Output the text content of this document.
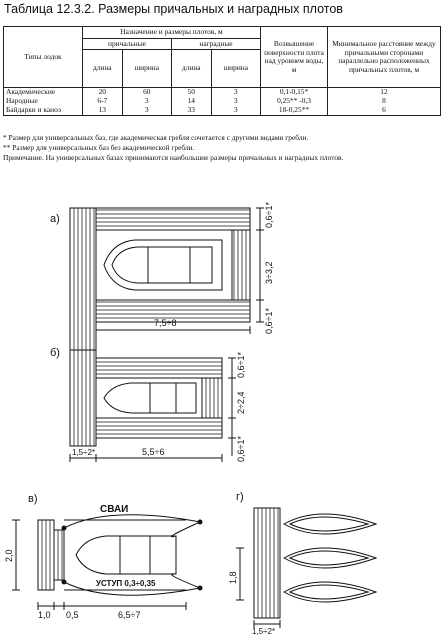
Таблица 12.3.2. Размеры причальных и наградных плотов
Типы лодок	Назначение и размеры плотов, м				Возвышение поверхности плота над уровнем воды, м	Минимальное расстояние между причальными сторонами параллельно расположенных причальных плотов, м
	причальные		наградные			
	длина	ширина	длина	ширина		
Академические	20	60	50	3	0,1-0,15*	12
Народные	6-7	3	14	3	0,25** -0,3	8
Байдарки и каноэ	13	3	33	3	18-0,25**	6
* Размер для универсальных баз, где академическая гребля сочетается с другими видами гребли.
** Размер для универсальных баз без академической гребли.
Примечание. На универсальных базах принимаются наибольшие размеры причальных и наградных плотов.
а)
б)
в)	г)
0,6÷1*
3÷3,2
0,6÷1*
7,5÷8
0,6÷1*
2÷2,4
0,6÷1*
1,5÷2*	5,5÷6
СВАИ
УСТУП 0,3÷0,35
2,0
1,0 0,5	6,5÷7
1,8
1,5÷2*
